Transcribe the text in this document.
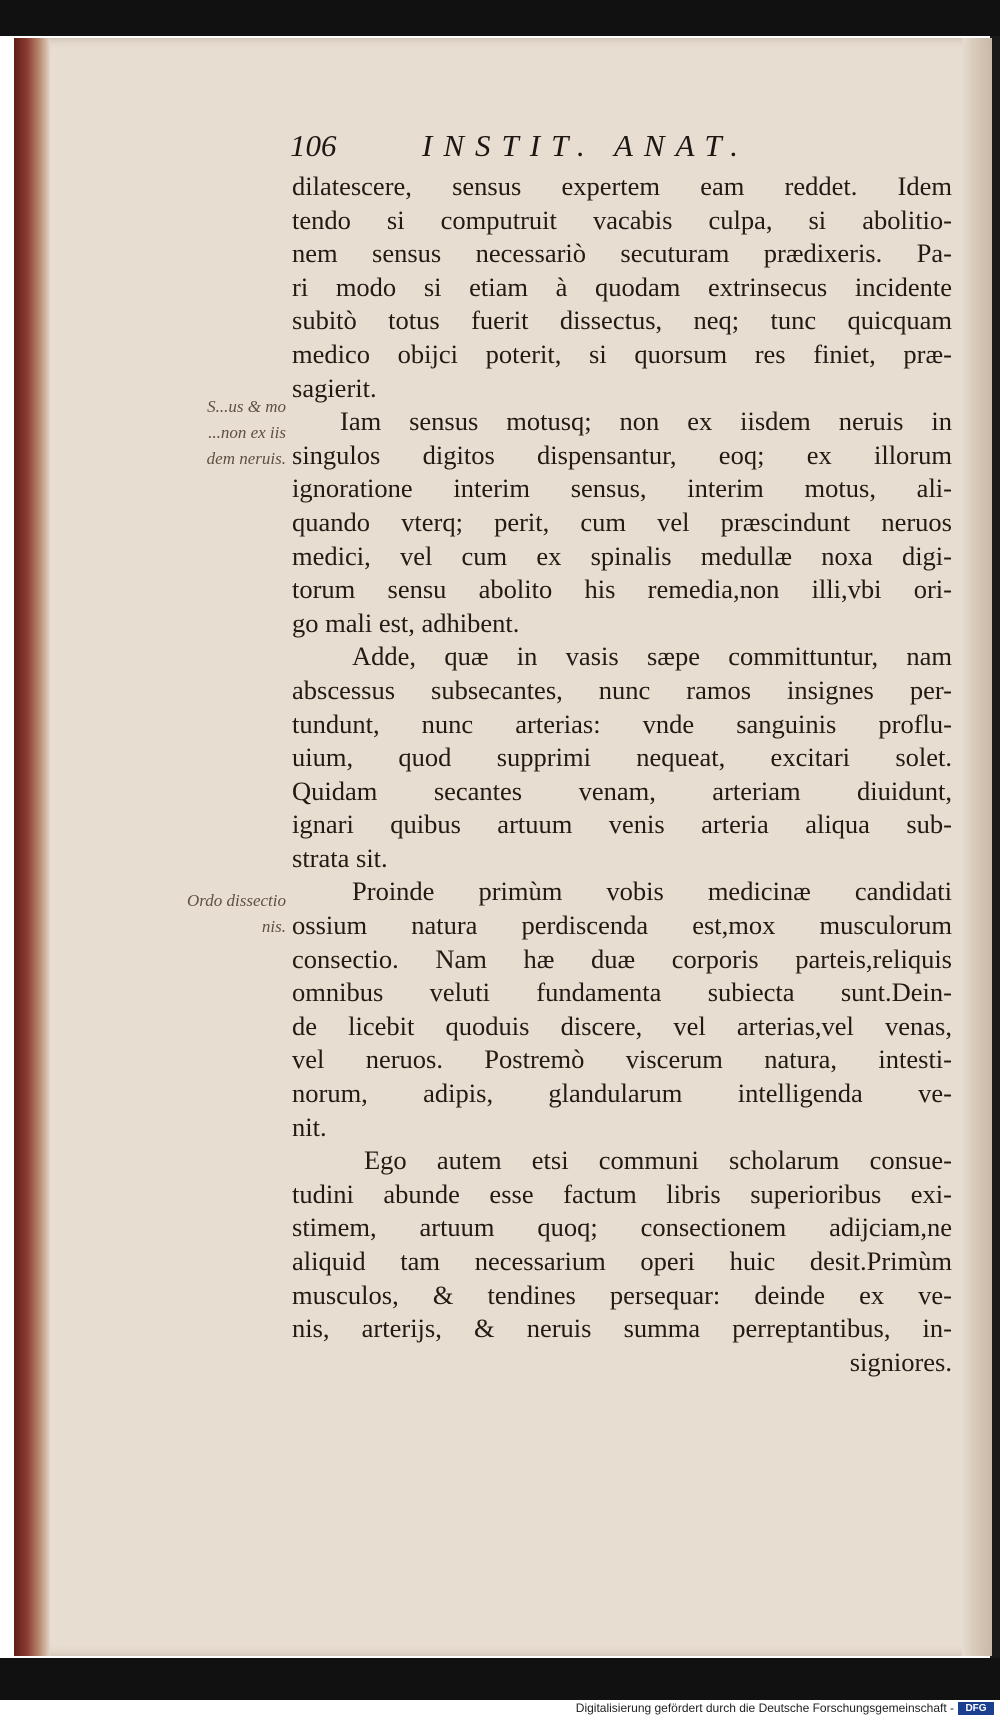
106	INSTIT. ANAT.
S...us & mo
...non ex iis
dem neruis.
Ordo dissectio
nis.
dilatescere, sensus expertem eam reddet. Idem
tendo si computruit vacabis culpa, si abolitio-
nem sensus necessariò secuturam prædixeris. Pa-
ri modo si etiam à quodam extrinsecus incidente
subitò totus fuerit dissectus, neq; tunc quicquam
medico obijci poterit, si quorsum res finiet, præ-
sagierit.
Iam sensus motusq; non ex iisdem neruis in
singulos digitos dispensantur, eoq; ex illorum
ignoratione interim sensus, interim motus, ali-
quando vterq; perit, cum vel præscindunt neruos
medici, vel cum ex spinalis medullæ noxa digi-
torum sensu abolito his remedia,non illi,vbi ori-
go mali est, adhibent.
Adde, quæ in vasis sæpe committuntur, nam
abscessus subsecantes, nunc ramos insignes per-
tundunt, nunc arterias: vnde sanguinis proflu-
uium, quod supprimi nequeat, excitari solet.
Quidam secantes venam, arteriam diuidunt,
ignari quibus artuum venis arteria aliqua sub-
strata sit.
Proinde primùm vobis medicinæ candidati
ossium natura perdiscenda est,mox musculorum
consectio. Nam hæ duæ corporis parteis,reliquis
omnibus veluti fundamenta subiecta sunt.Dein-
de licebit quoduis discere, vel arterias,vel venas,
vel neruos. Postremò viscerum natura, intesti-
norum, adipis, glandularum intelligenda ve-
nit.
Ego autem etsi communi scholarum consue-
tudini abunde esse factum libris superioribus exi-
stimem, artuum quoq; consectionem adijciam,ne
aliquid tam necessarium operi huic desit.Primùm
musculos, & tendines persequar: deinde ex ve-
nis, arterijs, & neruis summa perreptantibus, in-
signiores.
Digitalisierung gefördert durch die Deutsche Forschungsgemeinschaft -	DFG
